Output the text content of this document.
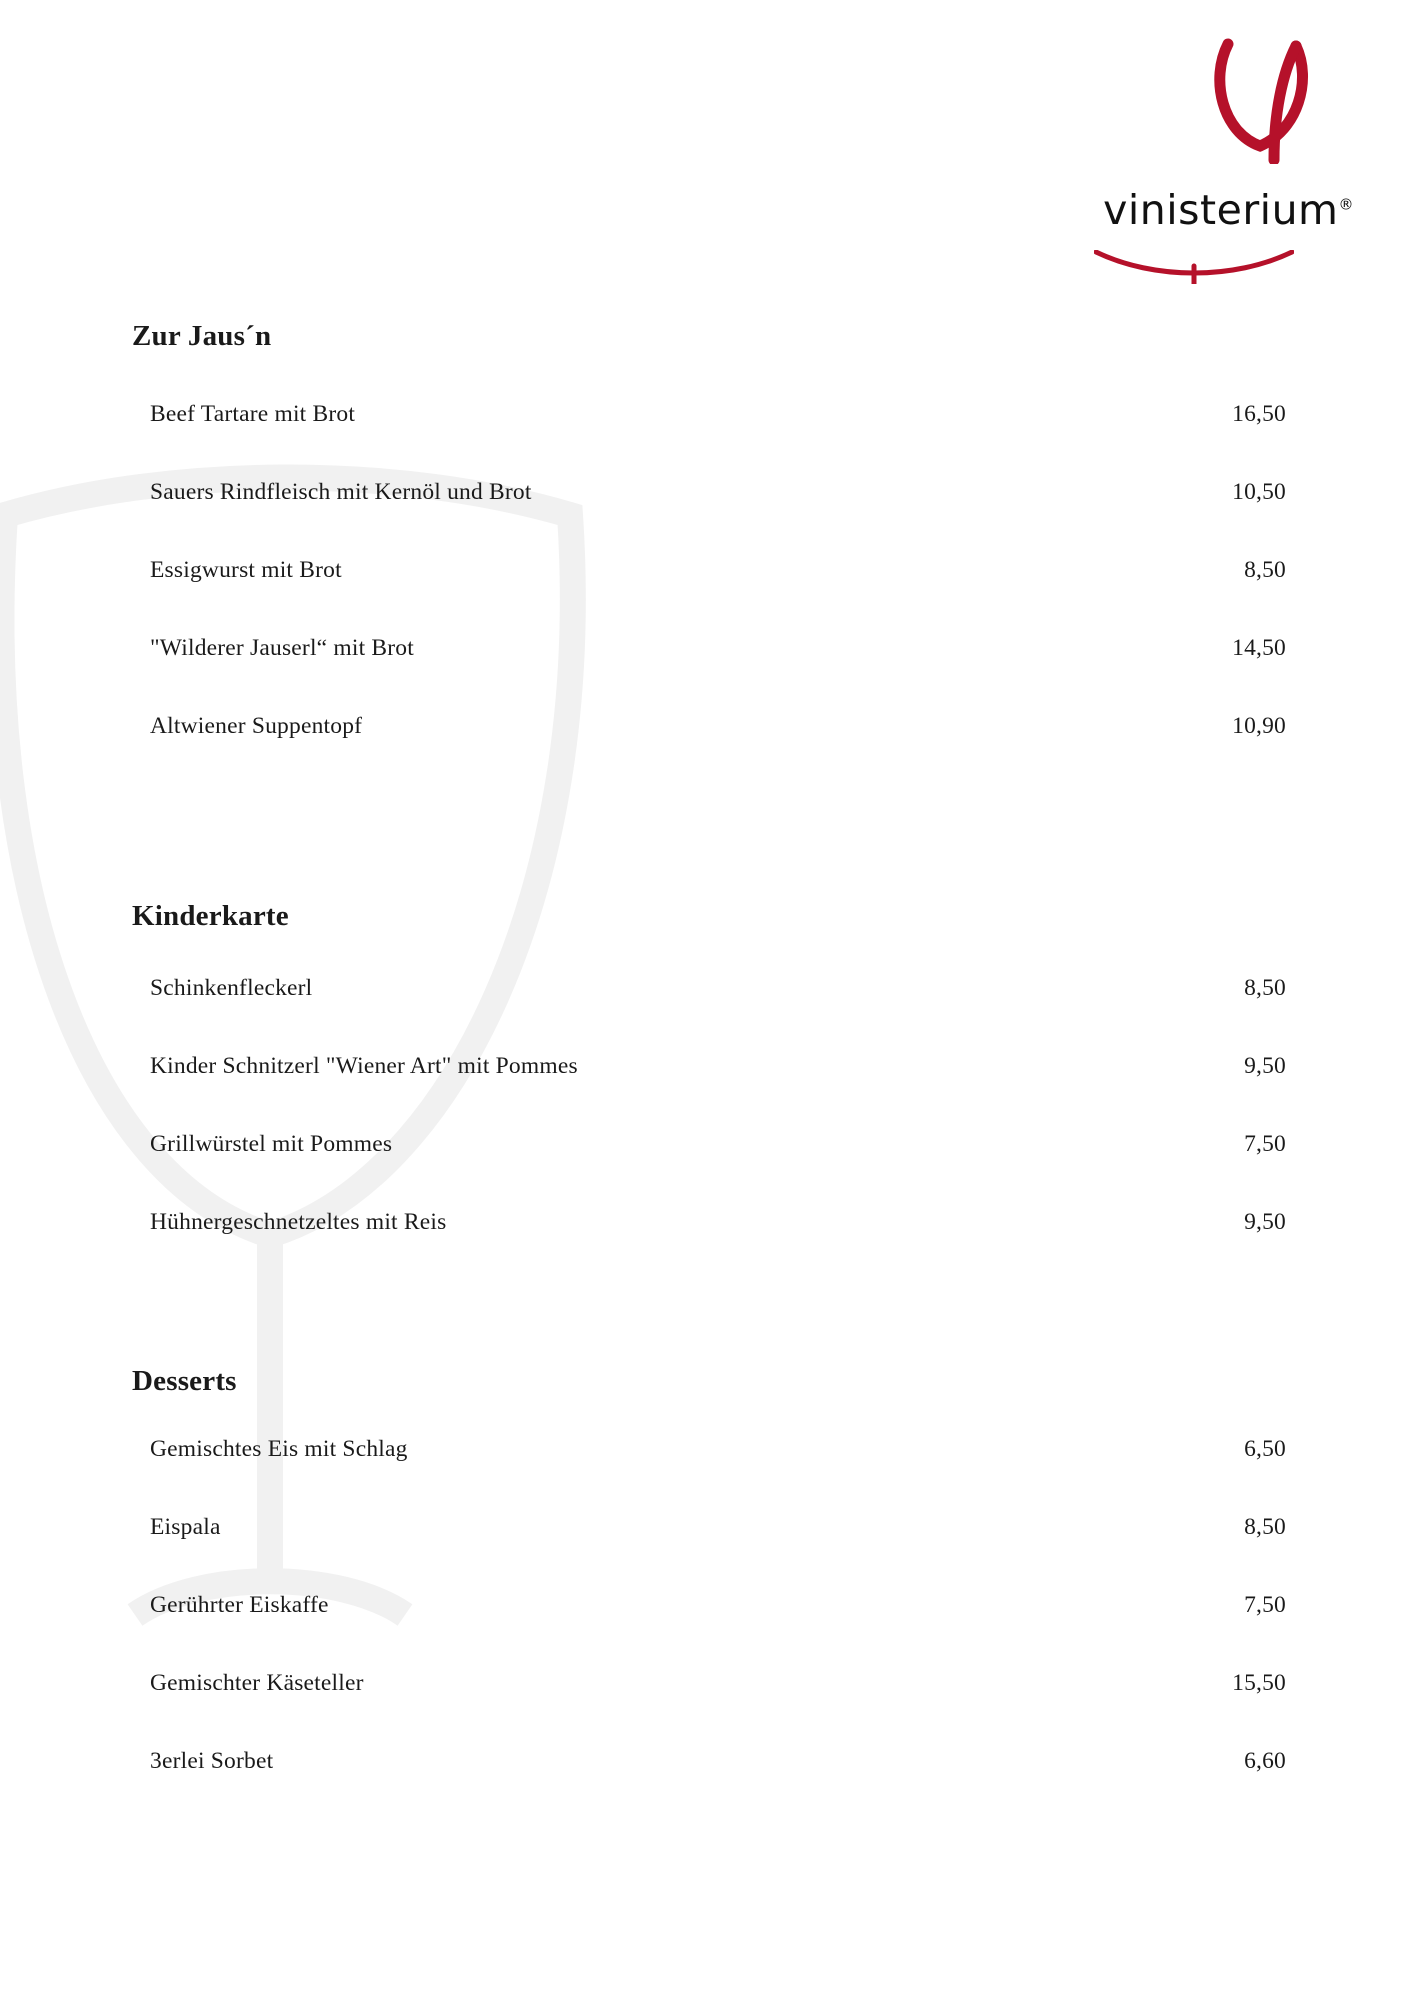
vinisterium®
Zur Jaus´n
Beef Tartare mit Brot	16,50
Sauers Rindfleisch mit Kernöl und Brot	10,50
Essigwurst mit Brot	8,50
"Wilderer Jauserl“ mit Brot	14,50
Altwiener Suppentopf	10,90
Kinderkarte
Schinkenfleckerl	8,50
Kinder Schnitzerl "Wiener Art" mit Pommes	9,50
Grillwürstel mit Pommes	7,50
Hühnergeschnetzeltes mit Reis	9,50
Desserts
Gemischtes Eis mit Schlag	6,50
Eispala	8,50
Gerührter Eiskaffe	7,50
Gemischter Käseteller	15,50
3erlei Sorbet	6,60
